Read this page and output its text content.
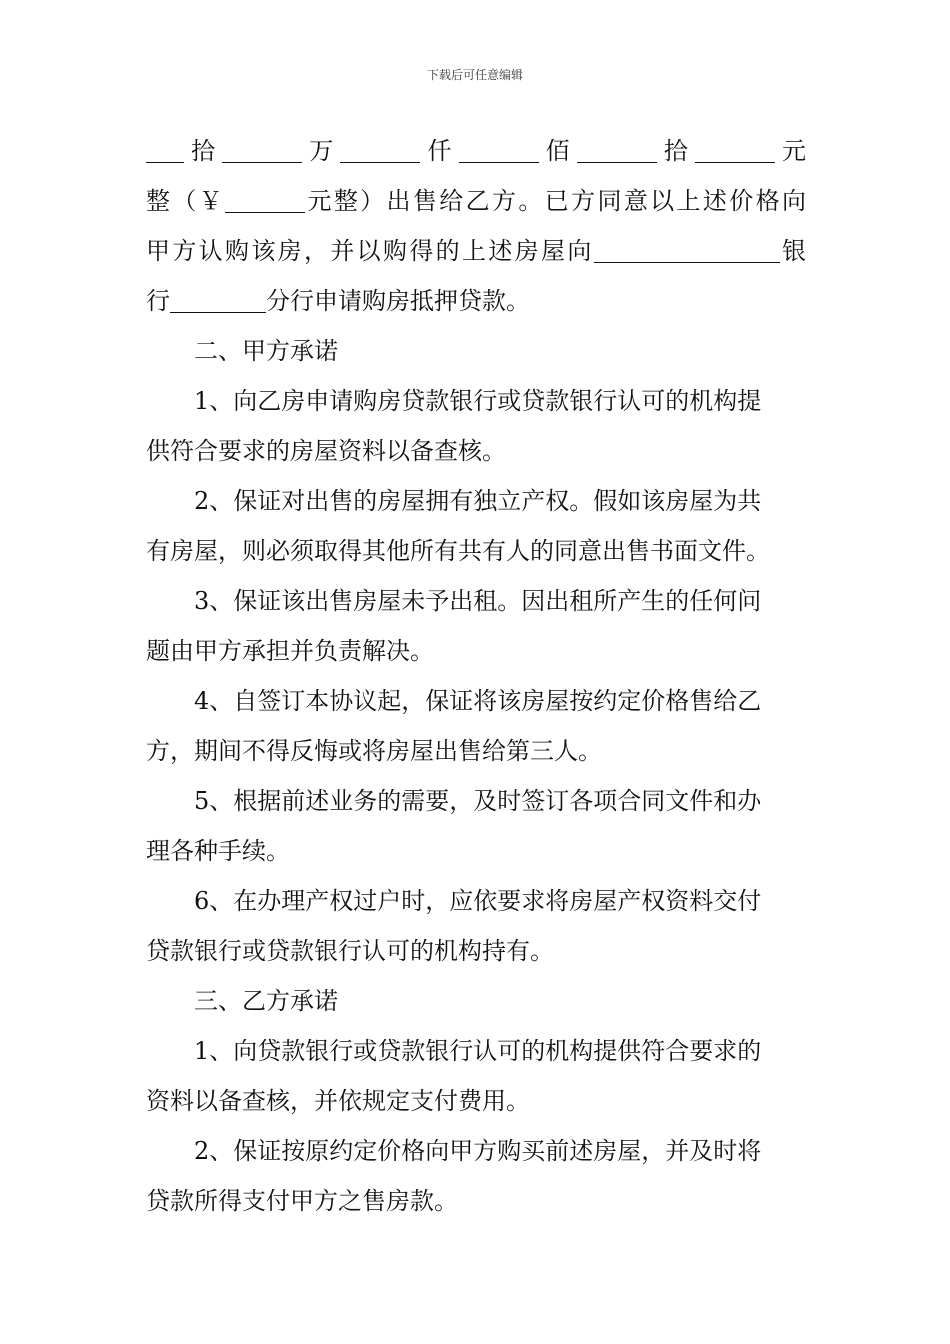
下载后可任意编辑
拾	万	仟	佰	拾	元
整（￥	元整）出售给乙方。已方同意以上述价格向
甲方认购该房，并以购得的上述房屋向	银
行	分行申请购房抵押贷款。
二、甲方承诺
1、向乙房申请购房贷款银行或贷款银行认可的机构提
供符合要求的房屋资料以备查核。
2、保证对出售的房屋拥有独立产权。假如该房屋为共
有房屋，则必须取得其他所有共有人的同意出售书面文件。
3、保证该出售房屋未予出租。因出租所产生的任何问
题由甲方承担并负责解决。
4、自签订本协议起，保证将该房屋按约定价格售给乙
方，期间不得反悔或将房屋出售给第三人。
5、根据前述业务的需要，及时签订各项合同文件和办
理各种手续。
6、在办理产权过户时，应依要求将房屋产权资料交付
贷款银行或贷款银行认可的机构持有。
三、乙方承诺
1、向贷款银行或贷款银行认可的机构提供符合要求的
资料以备查核，并依规定支付费用。
2、保证按原约定价格向甲方购买前述房屋，并及时将
贷款所得支付甲方之售房款。
